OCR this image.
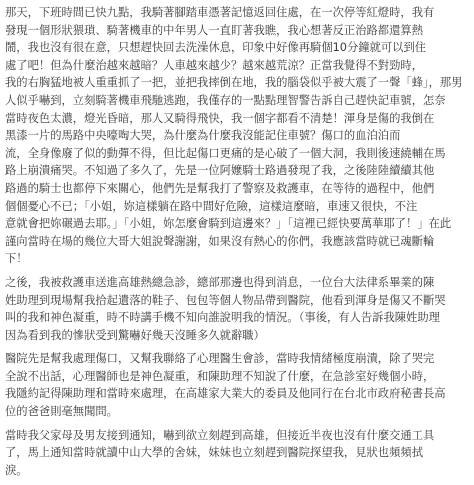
那天，下班時間已快九點，我騎著腳踏車憑著記憶返回住處，在一次停等紅燈時，我有
發現一個形狀猥瑣、騎著機車的中年男人一直盯著我瞧，我心想著反正治路都還算熱
鬧，我也沒有很在意，只想趕快回去洗澡休息，印象中好像再騎個10分鐘就可以到住
處了吧！但為什麼治越來越暗？人車越來越少？越來越荒涼？正當我覺得不對勁時，
我的右胸猛地被人重重抓了一把，並把我摔倒在地，我的腦袋似乎被大震了一聲「蜂」，那男
人似乎嚇到，立刻騎著機車飛馳逃跑，我僅存的一點點理智警告訴自己趕快記車號，怎奈
當時夜色太濃，燈光昏暗，那人又騎得飛快，我一個字都看不清楚！渾身是傷的我倒在
黑漆一片的馬路中央嚎啕大哭，為什麼為什麼我沒能記住車號？傷口的血泊泊而
流，全身像廢了似的動彈不得，但比起傷口更痛的是心破了一個大洞，我則後速繞輔在馬
路上崩潰痛哭。不知過了多久了，先是一位阿嬤騎士路過發現了我，之後陸陸續續其他
路過的騎士也都停下來關心，他們先是幫我打了警察及救護車，在等待的過程中，他們
個個憂心不已；「小姐，妳這樣躺在路中間好危險，這樣這麼暗，車速又很快，不注
意就會把妳碾過去耶。」「小姐，妳怎麼會騎到這邊來？」「這裡已經快要萬華耶了！」在此
謹向當時在場的幾位大哥大姐說聲謝謝，如果沒有熱心的你們，我應該當時就已魂斷輪
下！
之後，我被救護車送進高雄熱總急診，總部那邊也得到消息，一位台大法律系畢業的陳
姓助理到現場幫我拾起遺落的鞋子、包包等個人物品帶到醫院，他看到渾身是傷又不斷哭
叫的我和神色凝重，時不時講手機不知向誰說明我的情況。（事後，有人告訴我陳姓助理
因為看到我的慘狀受到驚嚇好幾天沒睡多久就辭職）
醫院先是幫我處理傷口，又幫我聯絡了心理醫生會診，當時我情緒極度崩潰，除了哭完
全說不出話，心理醫師也是神色凝重，和陳助理不知說了什麼，在急診室好幾個小時，
我隱約記得陳助理和當時來處理，在高雄家大業大的委員及他同行在台北市政府秘書長高
位的爸爸則毫無聞問。
當時我父家母及男友接到通知，嚇到欲立刻趕到高雄，但接近半夜也沒有什麼交通工具
了，馬上通知當時就讀中山大學的舍妹，妹妹也立刻趕到醫院探望我，見狀也頻頻拭
淚。
